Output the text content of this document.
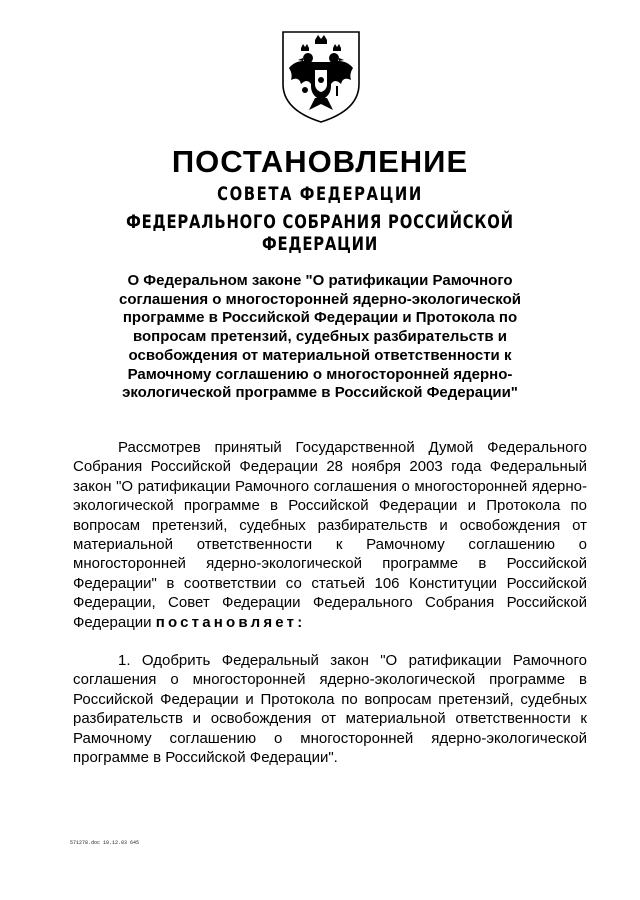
ПОСТАНОВЛЕНИЕ
СОВЕТА ФЕДЕРАЦИИ
ФЕДЕРАЛЬНОГО СОБРАНИЯ РОССИЙСКОЙ ФЕДЕРАЦИИ
О Федеральном законе "О ратификации Рамочного соглашения о многосторонней ядерно-экологической программе в Российской Федерации и Протокола по вопросам претензий, судебных разбирательств и освобождения от материальной ответственности к Рамочному соглашению о многосторонней ядерно-экологической программе в Российской Федерации"

Рассмотрев принятый Государственной Думой Федерального Собрания Российской Федерации 28 ноября 2003 года Федеральный закон "О ратификации Рамочного соглашения о многосторонней ядерно-экологической программе в Российской Федерации и Протокола по вопросам претензий, судебных разбирательств и освобождения от материальной ответственности к Рамочному соглашению о многосторонней ядерно-экологической программе в Российской Федерации" в соответствии со статьей 106 Конституции Российской Федерации, Совет Федерации Федерального Собрания Российской Федерации постановляет:

1. Одобрить Федеральный закон "О ратификации Рамочного соглашения о многосторонней ядерно-экологической программе в Российской Федерации и Протокола по вопросам претензий, судебных разбирательств и освобождения от материальной ответственности к Рамочному соглашению о многосторонней ядерно-экологической программе в Российской Федерации".

571278.doc 10.12.03 645
